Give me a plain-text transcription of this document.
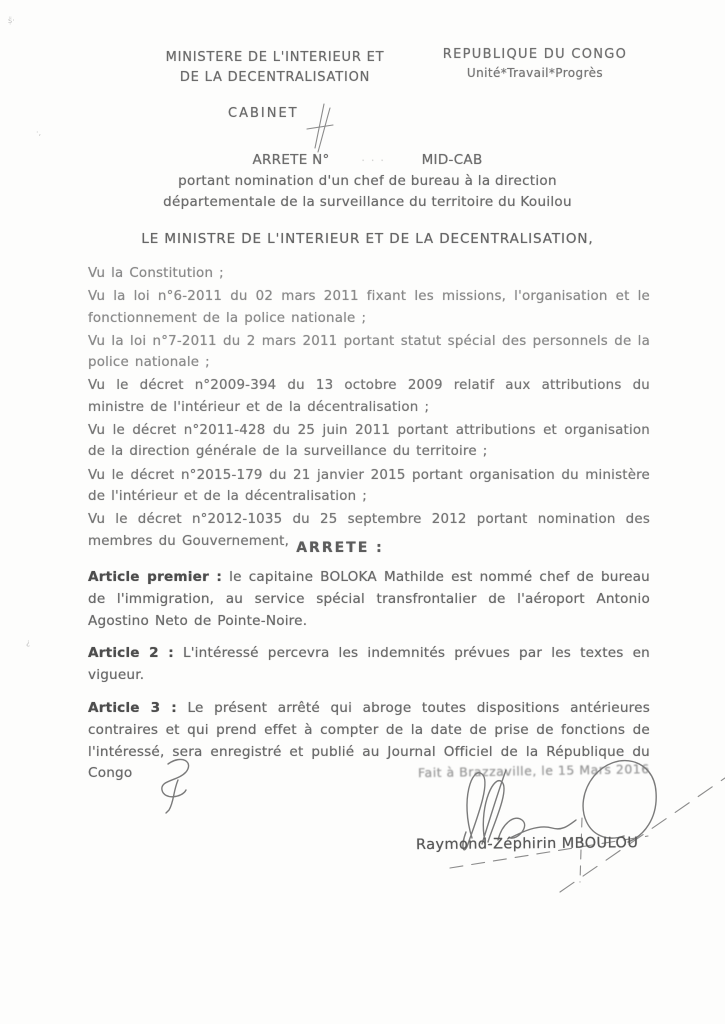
ṣ̈·
·‚
¿
MINISTERE DE L'INTERIEUR ET
DE LA DECENTRALISATION
REPUBLIQUE DU CONGO
Unité*Travail*Progrès
CABINET
ARRETE N°	··· MID-CAB
portant nomination d'un chef de bureau à la direction
départementale de la surveillance du territoire du Kouilou
LE MINISTRE DE L'INTERIEUR ET DE LA DECENTRALISATION,

Vu la Constitution ;

Vu la loi n°6-2011 du 02 mars 2011 fixant les missions, l'organisation et le fonctionnement de la police nationale ;

Vu la loi n°7-2011 du 2 mars 2011 portant statut spécial des personnels de la police nationale ;

Vu le décret n°2009-394 du 13 octobre 2009 relatif aux attributions du ministre de l'intérieur et de la décentralisation ;

Vu le décret n°2011-428 du 25 juin 2011 portant attributions et organisation de la direction générale de la surveillance du territoire ;

Vu le décret n°2015-179 du 21 janvier 2015 portant organisation du ministère de l'intérieur et de la décentralisation ;

Vu le décret n°2012-1035 du 25 septembre 2012 portant nomination des membres du Gouvernement, ARRETE :

Article premier : le capitaine BOLOKA Mathilde est nommé chef de bureau de l'immigration, au service spécial transfrontalier de l'aéroport Antonio Agostino Neto de Pointe-Noire.

Article 2 : L'intéressé percevra les indemnités prévues par les textes en vigueur.

Article 3 : Le présent arrêté qui abroge toutes dispositions antérieures contraires et qui prend effet à compter de la date de prise de fonctions de l'intéressé, sera enregistré et publié au Journal Officiel de la République du Congo	Fait à Brazzaville, le 15 Mars 2016
Raymond-Zéphirin MBOULOU
